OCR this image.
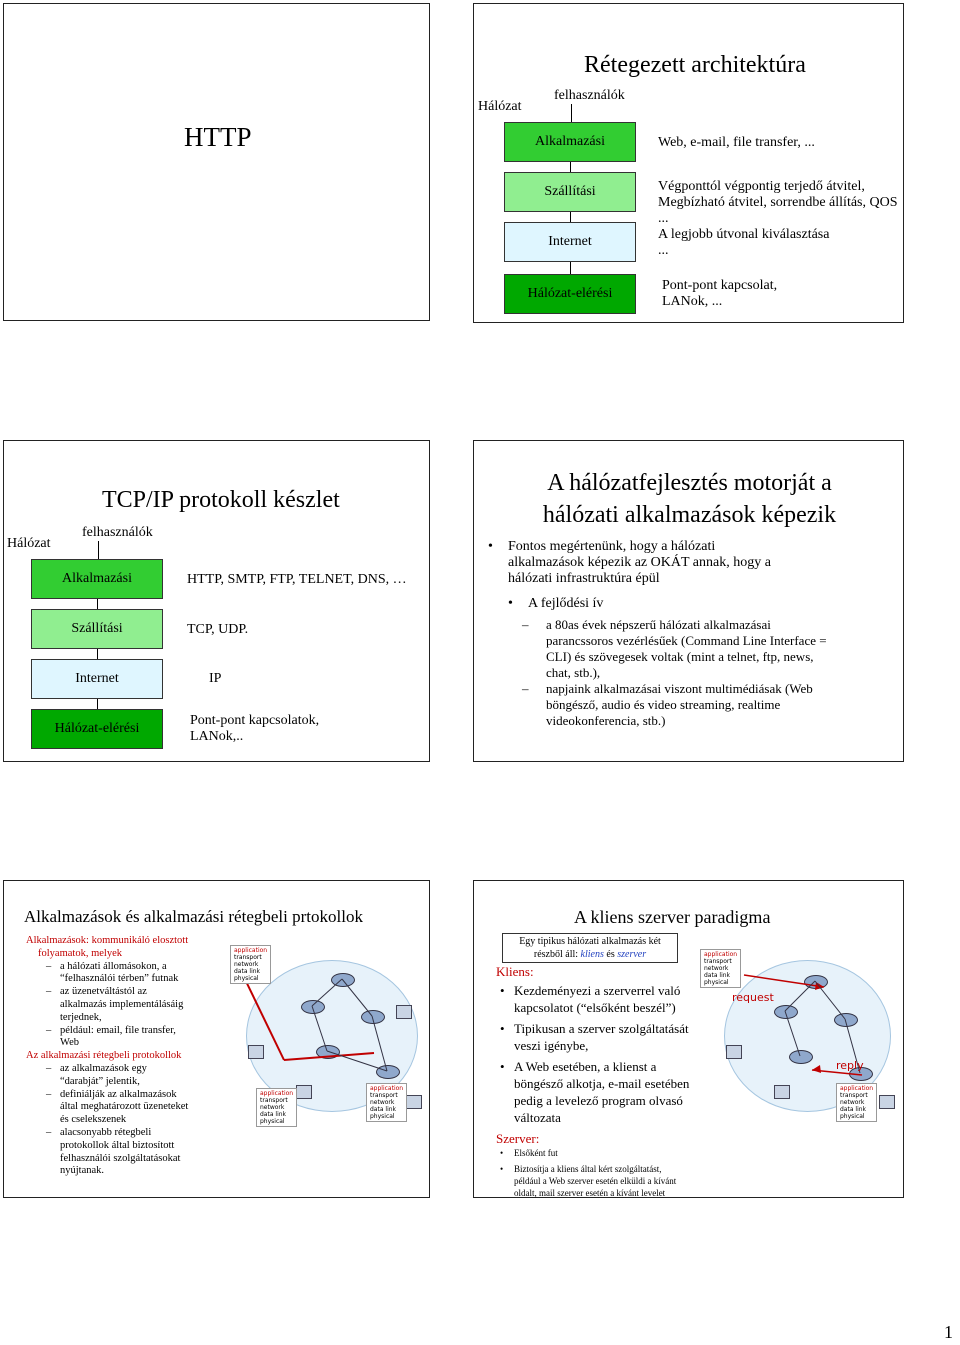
HTTP
Rétegezett architektúra
Hálózat
felhasználók
Alkalmazási
Szállítási
Internet
Hálózat-elérési
Web, e-mail, file transfer, ...
Végponttól végpontig terjedő átvitel,
Megbízható átvitel, sorrendbe állítás, QOS
...
A legjobb útvonal kiválasztása
...
Pont-pont kapcsolat,
LANok, ...
TCP/IP protokoll készlet
Hálózat
felhasználók
Alkalmazási
Szállítási
Internet
Hálózat-elérési
HTTP, SMTP, FTP, TELNET, DNS, …
TCP, UDP.
IP
Pont-pont kapcsolatok,
LANok,..
A hálózatfejlesztés motorját a
hálózati alkalmazások képezik
• Fontos megértenünk, hogy a hálózati
alkalmazások képezik az OKÁT annak, hogy a
hálózati infrastruktúra épül
• A fejlődési ív
– a 80as évek népszerű hálózati alkalmazásai
parancssoros vezérlésűek (Command Line Interface =
CLI) és szövegesek voltak (mint a telnet, ftp, news,
chat, stb.),
– napjaink alkalmazásai viszont multimédiásak (Web
böngésző, audio és video streaming, realtime
videokonferencia, stb.)
Alkalmazások és alkalmazási rétegbeli prtokollok
Alkalmazások: kommunikáló elosztott
folyamatok, melyek
– a hálózati állomásokon, a
“felhasználói térben” futnak
– az üzenetváltástól az
alkalmazás implementálásáig
terjednek,
– például: email, file transfer,
Web
Az alkalmazási rétegbeli protokollok
– az alkalmazások egy
“darabját” jelentik,
– definiálják az alkalmazások
által meghatározott üzeneteket
és cselekszenek
– alacsonyabb rétegbeli
protokollok által biztosított
felhasználói szolgáltatásokat
nyújtanak.
application
transport
network
data link
physical
application
transport
network
data link
physical
application
transport
network
data link
physical
A kliens szerver paradigma
Egy tipikus hálózati alkalmazás két
részből áll: kliens és szerver
Kliens:
• Kezdeményezi a szerverrel való
kapcsolatot (“elsőként beszél”)
• Tipikusan a szerver szolgáltatását
veszi igénybe,
• A Web esetében, a klienst a
böngésző alkotja, e-mail esetében
pedig a levelező program olvasó
változata
Szerver:
• Elsőként fut
• Biztosítja a kliens által kért szolgáltatást,
például a Web szerver esetén elküldi a kívánt
oldalt, mail szerver esetén a kívánt levelet
request
reply
application
transport
network
data link
physical
application
transport
network
data link
physical
1
